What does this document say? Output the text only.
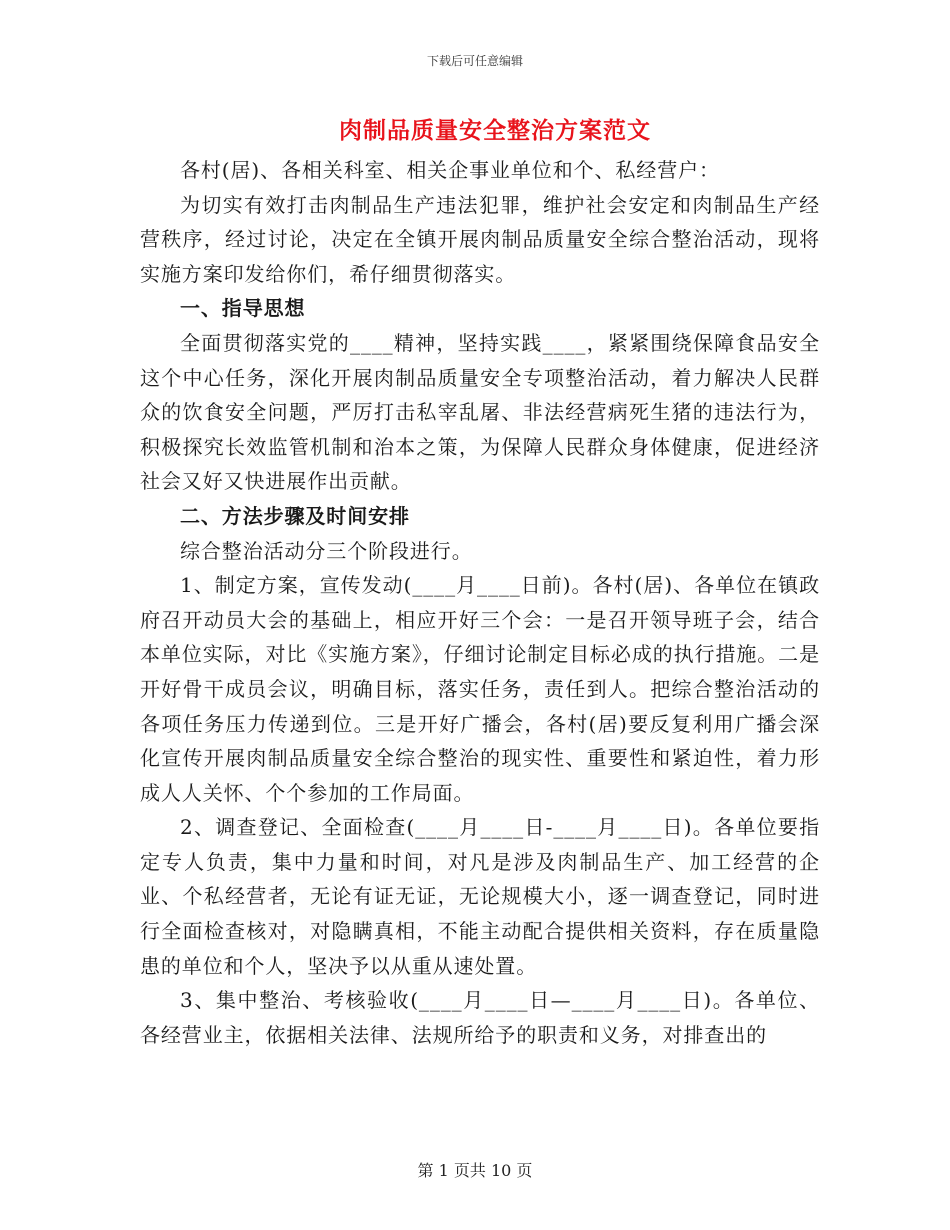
下载后可任意编辑
肉制品质量安全整治方案范文

各村(居)、各相关科室、相关企事业单位和个、私经营户：

为切实有效打击肉制品生产违法犯罪，维护社会安定和肉制品生产经营秩序，经过讨论，决定在全镇开展肉制品质量安全综合整治活动，现将实施方案印发给你们，希仔细贯彻落实。

一、指导思想

全面贯彻落实党的____精神，坚持实践____，紧紧围绕保障食品安全这个中心任务，深化开展肉制品质量安全专项整治活动，着力解决人民群众的饮食安全问题，严厉打击私宰乱屠、非法经营病死生猪的违法行为，积极探究长效监管机制和治本之策，为保障人民群众身体健康，促进经济社会又好又快进展作出贡献。

二、方法步骤及时间安排

综合整治活动分三个阶段进行。

1、制定方案，宣传发动(____月____日前)。各村(居)、各单位在镇政府召开动员大会的基础上，相应开好三个会：一是召开领导班子会，结合本单位实际，对比《实施方案》，仔细讨论制定目标必成的执行措施。二是开好骨干成员会议，明确目标，落实任务，责任到人。把综合整治活动的各项任务压力传递到位。三是开好广播会，各村(居)要反复利用广播会深化宣传开展肉制品质量安全综合整治的现实性、重要性和紧迫性，着力形成人人关怀、个个参加的工作局面。

2、调查登记、全面检查(____月____日-____月____日)。各单位要指定专人负责，集中力量和时间，对凡是涉及肉制品生产、加工经营的企业、个私经营者，无论有证无证，无论规模大小，逐一调查登记，同时进行全面检查核对，对隐瞒真相，不能主动配合提供相关资料，存在质量隐患的单位和个人，坚决予以从重从速处置。

3、集中整治、考核验收(____月____日—____月____日)。各单位、各经营业主，依据相关法律、法规所给予的职责和义务，对排查出的

第 1 页共 10 页
